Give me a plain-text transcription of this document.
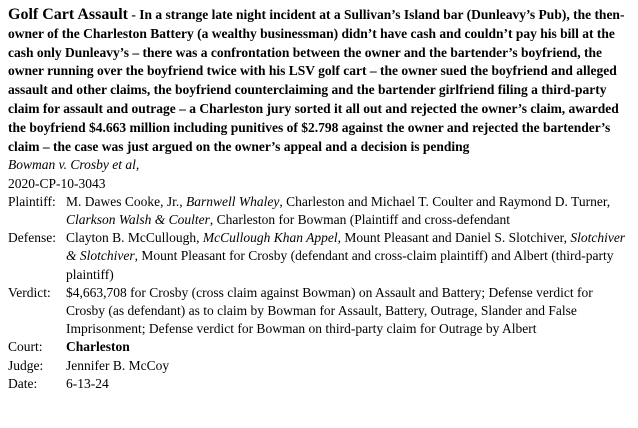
Golf Cart Assault - In a strange late night incident at a Sullivan’s Island bar (Dunleavy’s Pub), the then-owner of the Charleston Battery (a wealthy businessman) didn’t have cash and couldn’t pay his bill at the cash only Dunleavy’s – there was a confrontation between the owner and the bartender’s boyfriend, the owner running over the boyfriend twice with his LSV golf cart – the owner sued the boyfriend and alleged assault and other claims, the boyfriend counterclaiming and the bartender girlfriend filing a third-party claim for assault and outrage – a Charleston jury sorted it all out and rejected the owner’s claim, awarded the boyfriend $4.663 million including punitives of $2.798 against the owner and rejected the bartender’s claim – the case was just argued on the owner’s appeal and a decision is pending

Bowman v. Crosby et al,

2020-CP-10-3043

Plaintiff: M. Dawes Cooke, Jr., Barnwell Whaley, Charleston and Michael T. Coulter and Raymond D. Turner, Clarkson Walsh & Coulter, Charleston for Bowman (Plaintiff and cross-defendant
Defense: Clayton B. McCullough, McCullough Khan Appel, Mount Pleasant and Daniel S. Slotchiver, Slotchiver & Slotchiver, Mount Pleasant for Crosby (defendant and cross-claim plaintiff) and Albert (third-party plaintiff)
Verdict:	$4,663,708 for Crosby (cross claim against Bowman) on Assault and Battery; Defense verdict for Crosby (as defendant) as to claim by Bowman for Assault, Battery, Outrage, Slander and False Imprisonment; Defense verdict for Bowman on third-party claim for Outrage by Albert
Court:	Charleston
Judge:	Jennifer B. McCoy
Date:	6-13-24
